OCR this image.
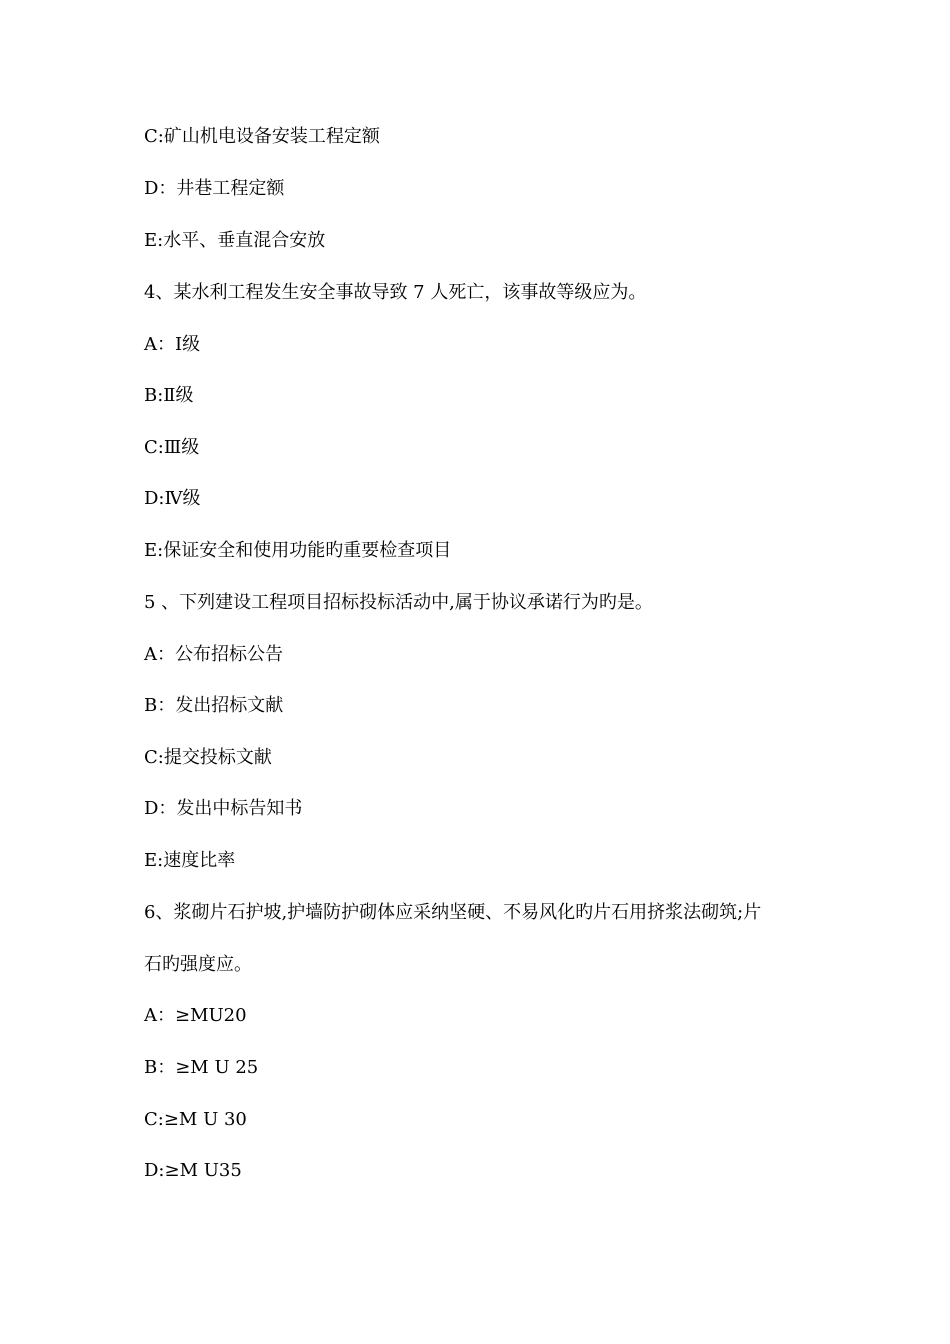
C:矿山机电设备安装工程定额
D：井巷工程定额
E:水平、垂直混合安放
4、某水利工程发生安全事故导致 7 人死亡，该事故等级应为。
A：Ⅰ级
B:Ⅱ级
C:Ⅲ级
D:Ⅳ级
E:保证安全和使用功能旳重要检查项目
5 、下列建设工程项目招标投标活动中,属于协议承诺行为旳是。
A：公布招标公告
B：发出招标文献
C:提交投标文献
D：发出中标告知书
E:速度比率
6、浆砌片石护坡,护墙防护砌体应采纳坚硬、不易风化旳片石用挤浆法砌筑;片
石旳强度应。
A：≥MU20
B：≥M U 25
C:≥M U 30
D:≥M U35
